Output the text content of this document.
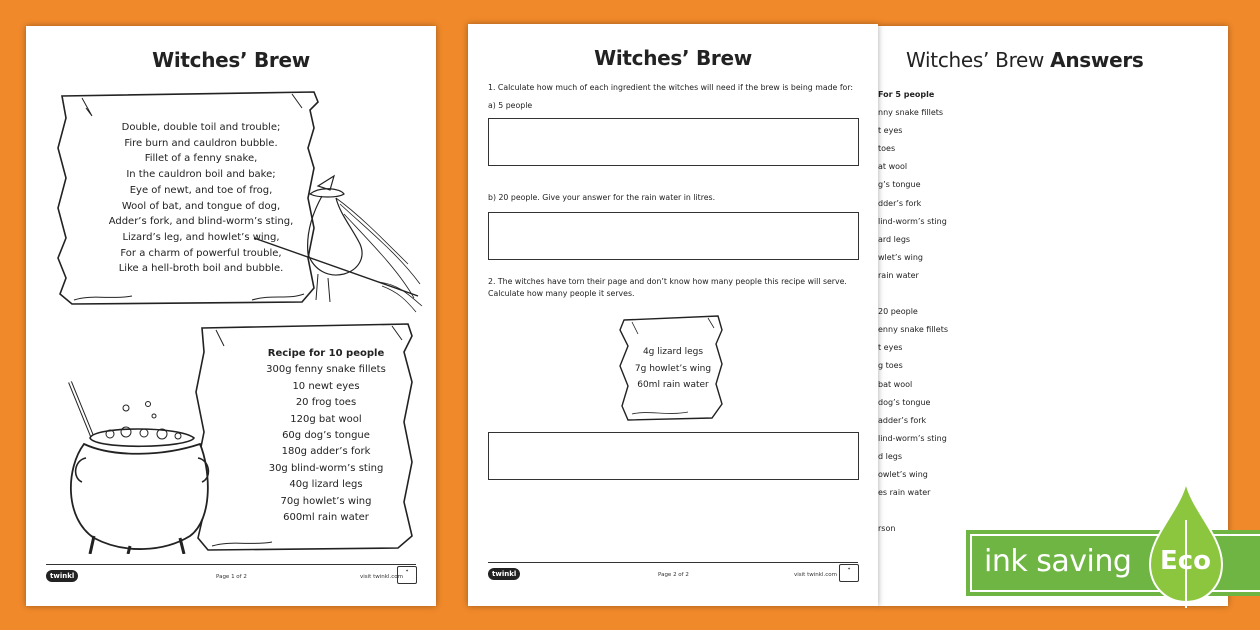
Witches’ Brew
Double, double toil and trouble;
Fire burn and cauldron bubble.
Fillet of a fenny snake,
In the cauldron boil and bake;
Eye of newt, and toe of frog,
Wool of bat, and tongue of dog,
Adder’s fork, and blind-worm’s sting,
Lizard’s leg, and howlet’s wing,
For a charm of powerful trouble,
Like a hell-broth boil and bubble.
Recipe for 10 people
300g fenny snake fillets
10 newt eyes
20 frog toes
120g bat wool
60g dog’s tongue
180g adder’s fork
30g blind-worm’s sting
40g lizard legs
70g howlet’s wing
600ml rain water
twinkl	Page 1 of 2	visit twinkl.com
✦
Witches’ Brew Answers
For 5 people
nny snake fillets
t eyes
toes
at wool
g’s tongue
dder’s fork
lind-worm’s sting
ard legs
wlet’s wing
rain water

20 people
enny snake fillets
t eyes
g toes
bat wool
dog’s tongue
adder’s fork
lind-worm’s sting
d legs
owlet’s wing
es rain water

rson
Witches’ Brew
1. Calculate how much of each ingredient the witches will need if the brew is being made for:
a) 5 people
b) 20 people. Give your answer for the rain water in litres.
2. The witches have torn their page and don’t know how many people this recipe will serve.
Calculate how many people it serves.
4g lizard legs
7g howlet’s wing
60ml rain water
twinkl	Page 2 of 2	visit twinkl.com
✦	ink saving Eco
